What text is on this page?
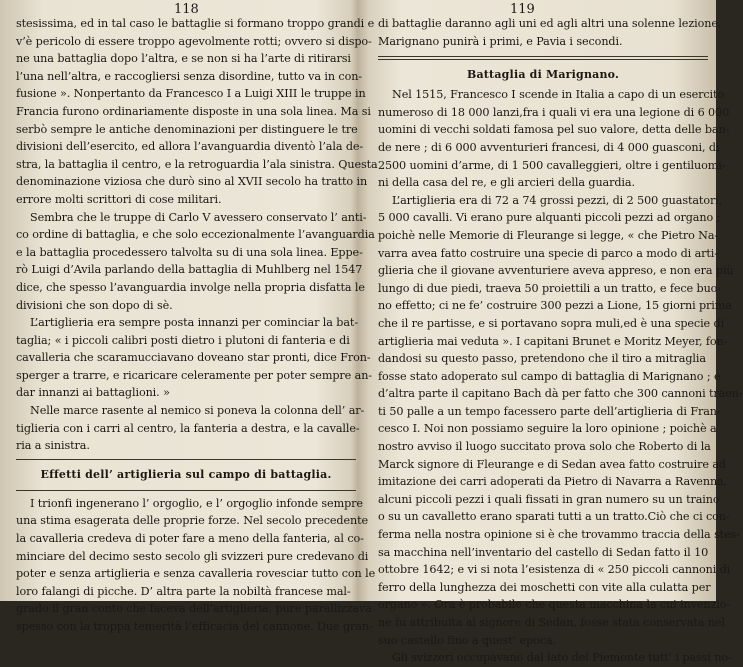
118
stesissima, ed in tal caso le battaglie si formano troppo grandi e
v’è pericolo di essere troppo agevolmente rotti; ovvero si dispo-
ne una battaglia dopo l’altra, e se non si ha l’arte di ritirarsi
l’una nell’altra, e raccogliersi senza disordine, tutto va in con-
fusione ». Nonpertanto da Francesco I a Luigi XIII le truppe in
Francia furono ordinariamente disposte in una sola linea. Ma si
serbò sempre le antiche denominazioni per distinguere le tre
divisioni dell’esercito, ed allora l’avanguardia diventò l’ala de-
stra, la battaglia il centro, e la retroguardia l’ala sinistra. Questa
denominazione viziosa che durò sino al XVII secolo ha tratto in
errore molti scrittori di cose militari.
Sembra che le truppe di Carlo V avessero conservato l’ anti-
co ordine di battaglia, e che solo eccezionalmente l’avanguardia
e la battaglia procedessero talvolta su di una sola linea. Eppe-
rò Luigi d’Avila parlando della battaglia di Muhlberg nel 1547
dice, che spesso l’avanguardia involge nella propria disfatta le
divisioni che son dopo di sè.
L’artiglieria era sempre posta innanzi per cominciar la bat-
taglia; « i piccoli calibri posti dietro i plutoni di fanteria e di
cavalleria che scaramucciavano doveano star pronti, dice Fron-
sperger a trarre, e ricaricare celeramente per poter sempre an-
dar innanzi ai battaglioni. »
Nelle marce rasente al nemico si poneva la colonna dell’ ar-
tiglieria con i carri al centro, la fanteria a destra, e la cavalle-
ria a sinistra.
Effetti dell’ artiglieria sul campo di battaglia.
I trionfi ingenerano l’ orgoglio, e l’ orgoglio infonde sempre
una stima esagerata delle proprie forze. Nel secolo precedente
la cavalleria credeva di poter fare a meno della fanteria, al co-
minciare del decimo sesto secolo gli svizzeri pure credevano di
poter e senza artiglieria e senza cavalleria rovesciar tutto con le
loro falangi di picche. D’ altra parte la nobiltà francese mal-
grado il gran conto che faceva dell’artiglieria, pure parallizzava
spesso con la troppa temerità l’efficacia del cannone. Due gran-
119
di battaglie daranno agli uni ed agli altri una solenne lezione.
Marignano punirà i primi, e Pavia i secondi.
Battaglia di Marignano.
Nel 1515, Francesco I scende in Italia a capo di un esercito
numeroso di 18 000 lanzi,fra i quali vi era una legione di 6 000
uomini di vecchi soldati famosa pel suo valore, detta delle ban-
de nere ; di 6 000 avventurieri francesi, di 4 000 guasconi, di
2500 uomini d’arme, di 1 500 cavalleggieri, oltre i gentiluomi-
ni della casa del re, e gli arcieri della guardia.
L’artiglieria era di 72 a 74 grossi pezzi, di 2 500 guastatori,
5 000 cavalli. Vi erano pure alquanti piccoli pezzi ad organo ;
poichè nelle Memorie di Fleurange si legge, « che Pietro Na-
varra avea fatto costruire una specie di parco a modo di arti-
glieria che il giovane avventuriere aveva appreso, e non era più
lungo di due piedi, traeva 50 proiettili a un tratto, e fece buo-
no effetto; ci ne fe’ costruire 300 pezzi a Lione, 15 giorni prima
che il re partisse, e si portavano sopra muli,ed è una specie di
artiglieria mai veduta ». I capitani Brunet e Moritz Meyer, fon-
dandosi su questo passo, pretendono che il tiro a mitraglia
fosse stato adoperato sul campo di battaglia di Marignano ; e
d’altra parte il capitano Bach dà per fatto che 300 cannoni traen-
ti 50 palle a un tempo facessero parte dell’artiglieria di Fran-
cesco I. Noi non possiamo seguire la loro opinione ; poichè a
nostro avviso il luogo succitato prova solo che Roberto di la
Marck signore di Fleurange e di Sedan avea fatto costruire ad
imitazione dei carri adoperati da Pietro di Navarra a Ravenna,
alcuni piccoli pezzi i quali fissati in gran numero su un traino
o su un cavalletto erano sparati tutti a un tratto.Ciò che ci con-
ferma nella nostra opinione si è che trovammo traccia della stes-
sa macchina nell’inventario del castello di Sedan fatto il 10
ottobre 1642; e vi si nota l’esistenza di « 250 piccoli cannoni di
ferro della lunghezza dei moschetti con vite alla culatta per
organo ». Ora è probabile che questa macchina la cui invenzio-
ne fu attribuita al signore di Sedan, fosse stata conservata nel
suo castello fino a quest’ epoca.
Gli svizzeri occupavano dal lato del Piemonte tutt’ i passi no-
